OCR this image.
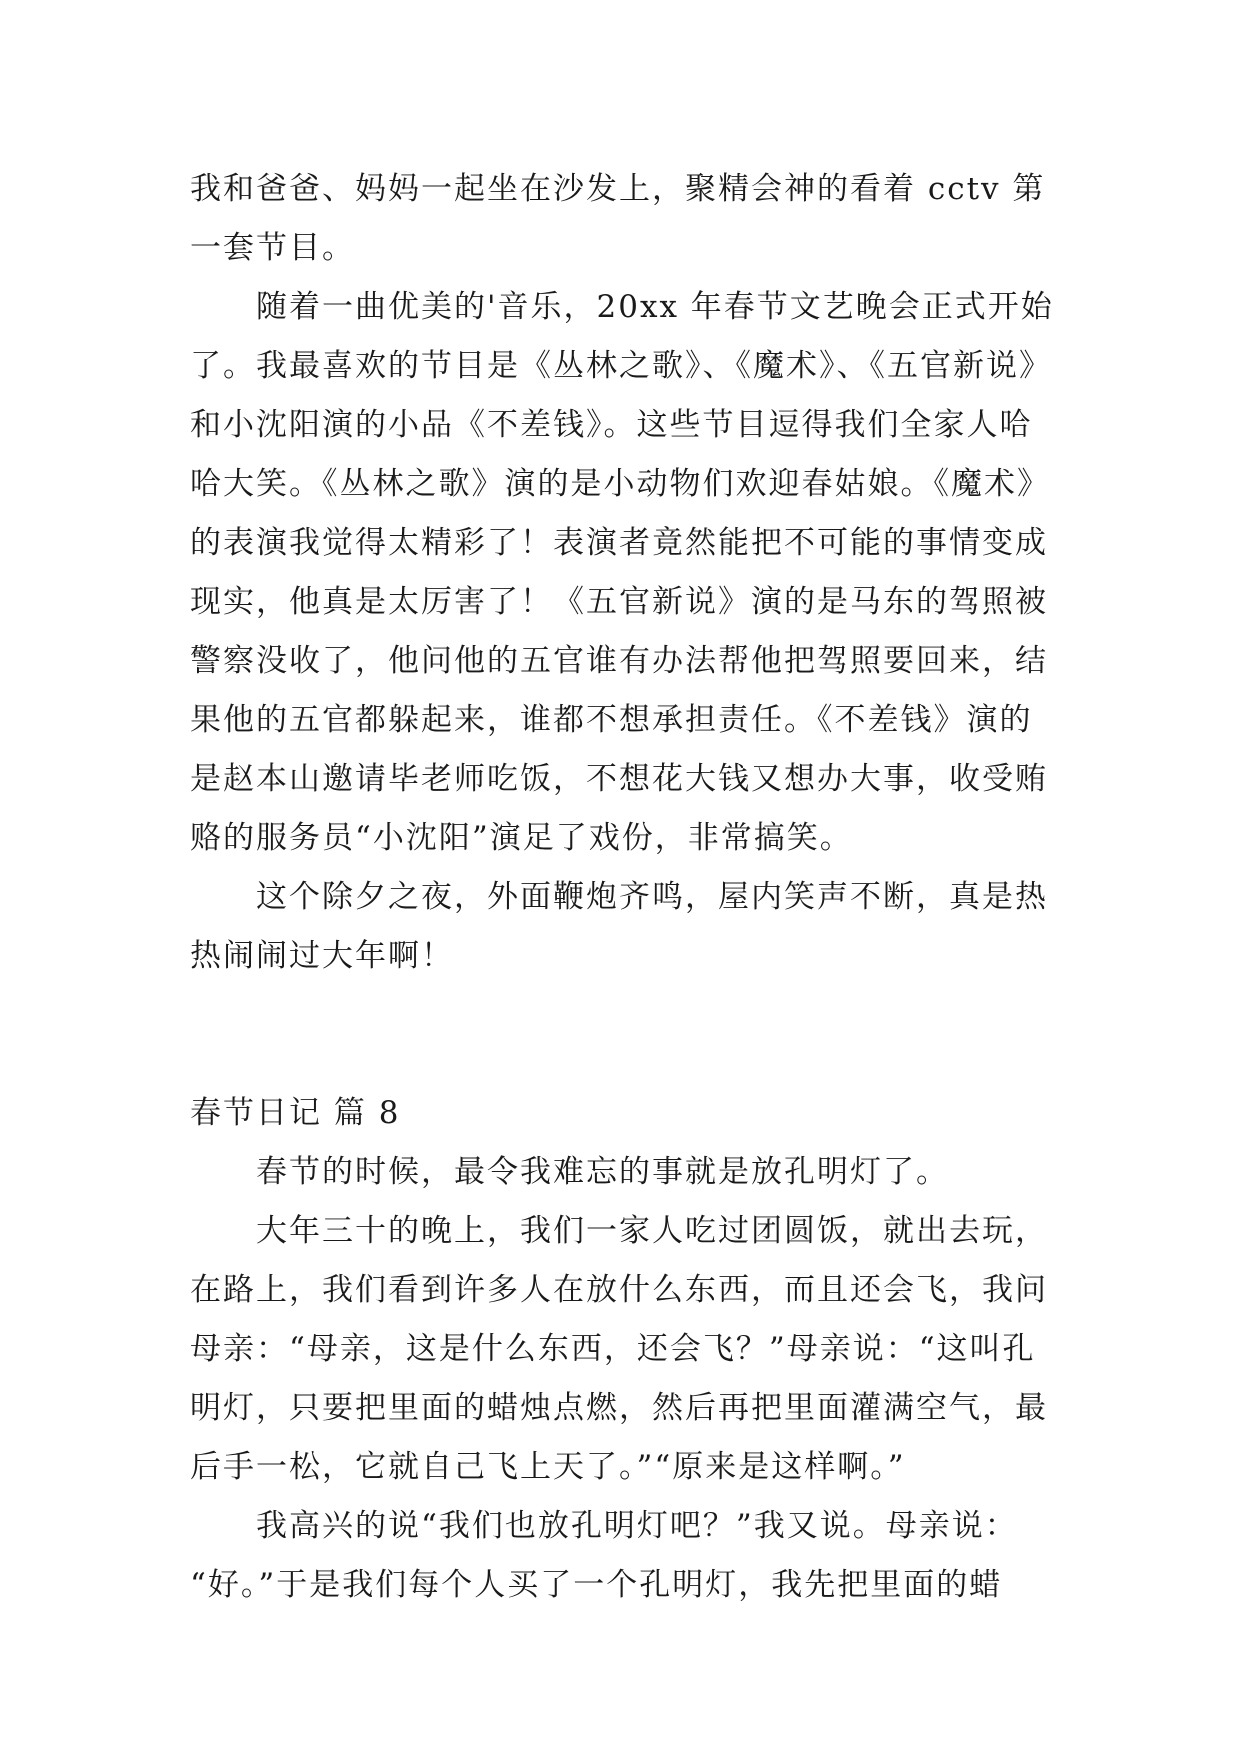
我和爸爸、妈妈一起坐在沙发上，聚精会神的看着 cctv 第
一套节目。
随着一曲优美的'音乐，20xx 年春节文艺晚会正式开始
了。我最喜欢的节目是《丛林之歌》、《魔术》、《五官新说》
和小沈阳演的小品《不差钱》。这些节目逗得我们全家人哈
哈大笑。《丛林之歌》演的是小动物们欢迎春姑娘。《魔术》
的表演我觉得太精彩了！表演者竟然能把不可能的事情变成
现实，他真是太厉害了！《五官新说》演的是马东的驾照被
警察没收了，他问他的五官谁有办法帮他把驾照要回来，结
果他的五官都躲起来，谁都不想承担责任。《不差钱》演的
是赵本山邀请毕老师吃饭，不想花大钱又想办大事，收受贿
赂的服务员“小沈阳”演足了戏份，非常搞笑。
这个除夕之夜，外面鞭炮齐鸣，屋内笑声不断，真是热
热闹闹过大年啊！
春节日记 篇 8
春节的时候，最令我难忘的事就是放孔明灯了。
大年三十的晚上，我们一家人吃过团圆饭，就出去玩，
在路上，我们看到许多人在放什么东西，而且还会飞，我问
母亲：“母亲，这是什么东西，还会飞？”母亲说：“这叫孔
明灯，只要把里面的蜡烛点燃，然后再把里面灌满空气，最
后手一松，它就自己飞上天了。”“原来是这样啊。”
我高兴的说“我们也放孔明灯吧？”我又说。母亲说：
“好。”于是我们每个人买了一个孔明灯，我先把里面的蜡
